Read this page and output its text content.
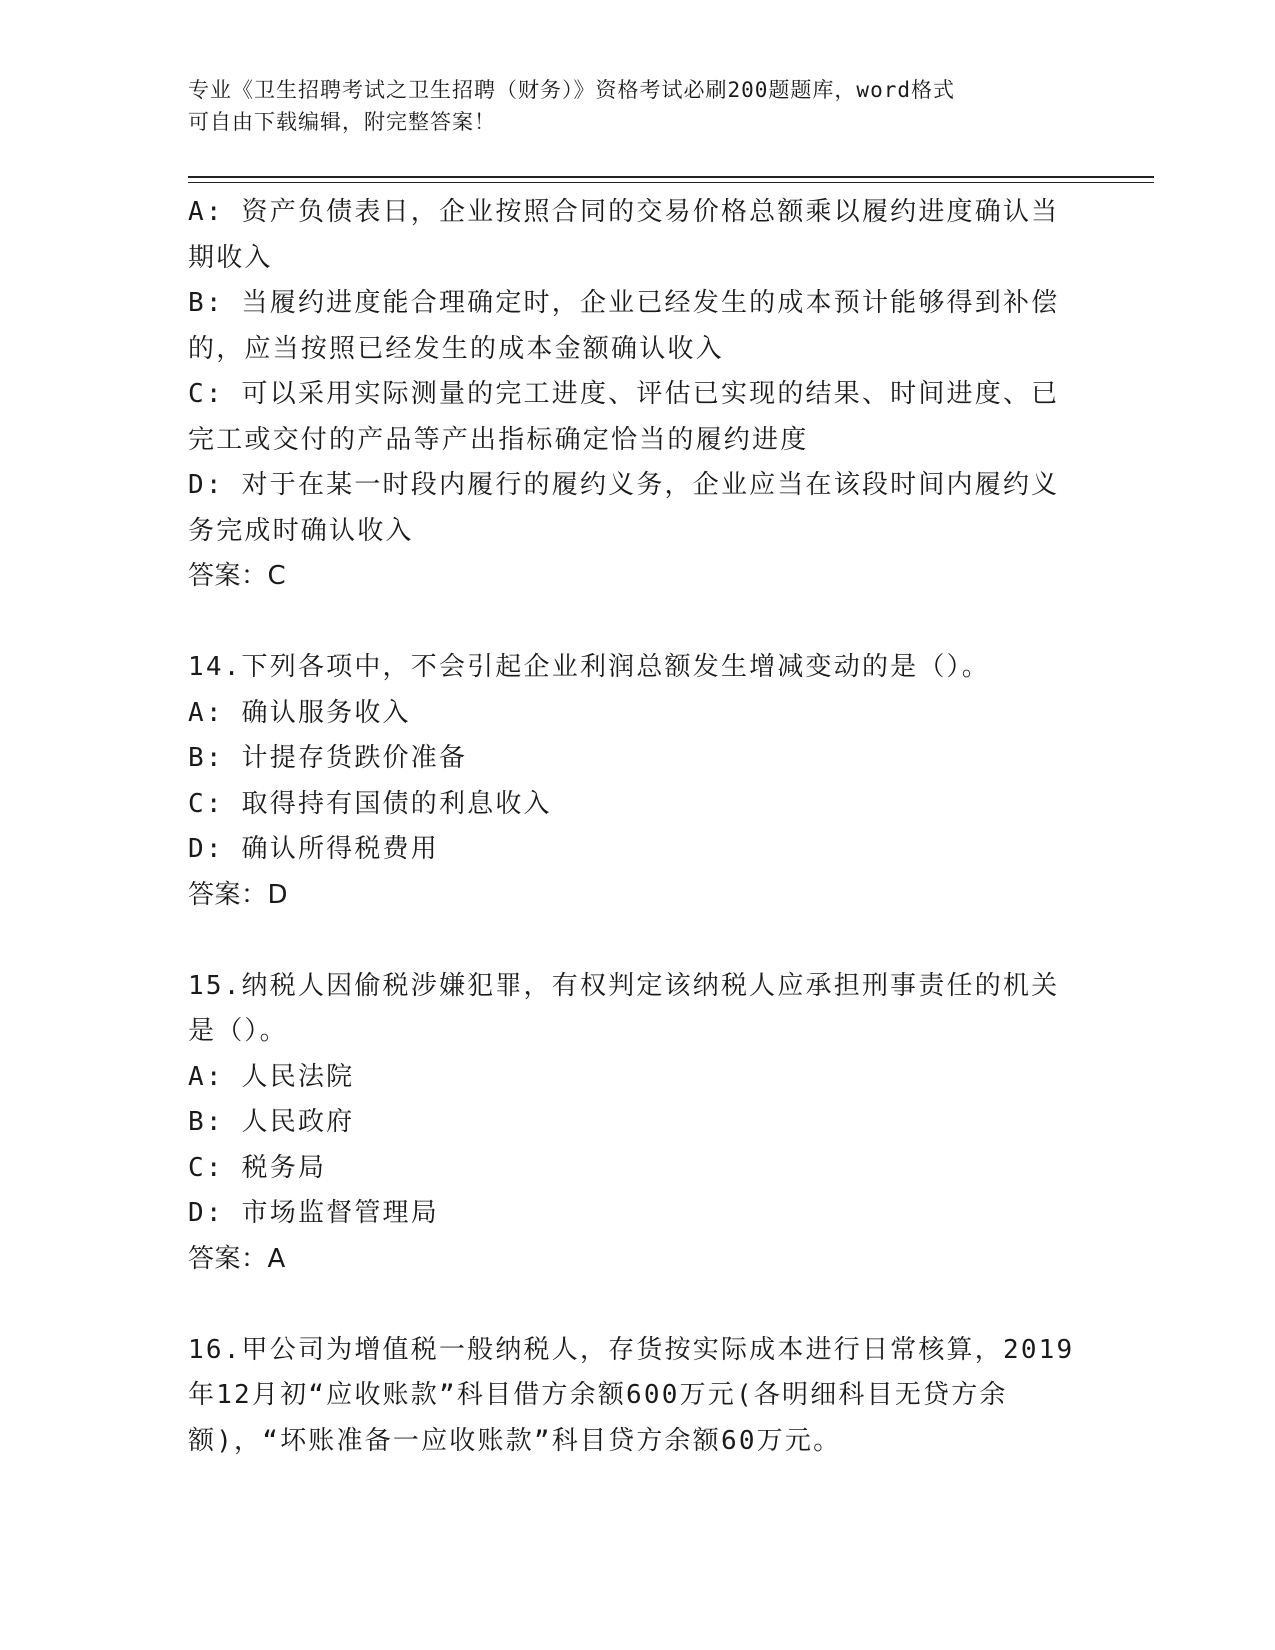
专业《卫生招聘考试之卫生招聘（财务）》资格考试必刷200题题库，word格式
可自由下载编辑，附完整答案！
A: 资产负债表日，企业按照合同的交易价格总额乘以履约进度确认当
期收入
B: 当履约进度能合理确定时，企业已经发生的成本预计能够得到补偿
的，应当按照已经发生的成本金额确认收入
C: 可以采用实际测量的完工进度、评估已实现的结果、时间进度、已
完工或交付的产品等产出指标确定恰当的履约进度
D: 对于在某一时段内履行的履约义务，企业应当在该段时间内履约义
务完成时确认收入
答案：C
14.下列各项中，不会引起企业利润总额发生增减变动的是（）。
A: 确认服务收入
B: 计提存货跌价准备
C: 取得持有国债的利息收入
D: 确认所得税费用
答案：D
15.纳税人因偷税涉嫌犯罪，有权判定该纳税人应承担刑事责任的机关
是（）。
A: 人民法院
B: 人民政府
C: 税务局
D: 市场监督管理局
答案：A
16.甲公司为增值税一般纳税人，存货按实际成本进行日常核算，2019
年12月初“应收账款”科目借方余额600万元(各明细科目无贷方余
额)，“坏账准备一应收账款”科目贷方余额60万元。
